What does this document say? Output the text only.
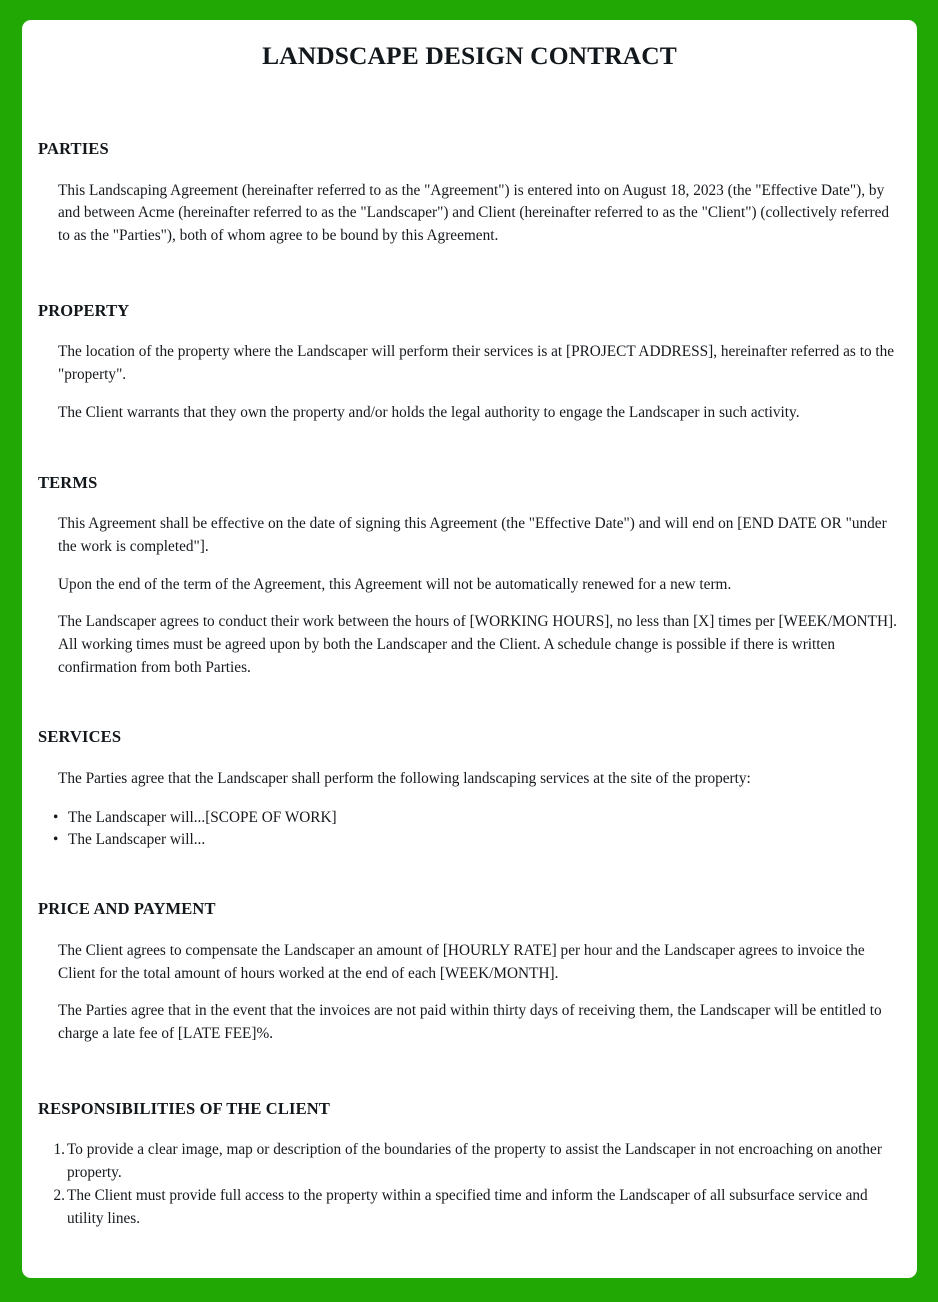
LANDSCAPE DESIGN CONTRACT
PARTIES

This Landscaping Agreement (hereinafter referred to as the "Agreement") is entered into on August 18, 2023 (the "Effective Date"), by and between Acme (hereinafter referred to as the "Landscaper") and Client (hereinafter referred to as the "Client") (collectively referred to as the "Parties"), both of whom agree to be bound by this Agreement.

PROPERTY

The location of the property where the Landscaper will perform their services is at [PROJECT ADDRESS], hereinafter referred as to the "property".

The Client warrants that they own the property and/or holds the legal authority to engage the Landscaper in such activity.

TERMS

This Agreement shall be effective on the date of signing this Agreement (the "Effective Date") and will end on [END DATE OR "under the work is completed"].

Upon the end of the term of the Agreement, this Agreement will not be automatically renewed for a new term.

The Landscaper agrees to conduct their work between the hours of [WORKING HOURS], no less than [X] times per [WEEK/MONTH]. All working times must be agreed upon by both the Landscaper and the Client. A schedule change is possible if there is written confirmation from both Parties.

SERVICES

The Parties agree that the Landscaper shall perform the following landscaping services at the site of the property:

• The Landscaper will...[SCOPE OF WORK]
• The Landscaper will...
PRICE AND PAYMENT

The Client agrees to compensate the Landscaper an amount of [HOURLY RATE] per hour and the Landscaper agrees to invoice the Client for the total amount of hours worked at the end of each [WEEK/MONTH].

The Parties agree that in the event that the invoices are not paid within thirty days of receiving them, the Landscaper will be entitled to charge a late fee of [LATE FEE]%.

RESPONSIBILITIES OF THE CLIENT
1. To provide a clear image, map or description of the boundaries of the property to assist the Landscaper in not encroaching on another property.
2. The Client must provide full access to the property within a specified time and inform the Landscaper of all subsurface service and utility lines.
